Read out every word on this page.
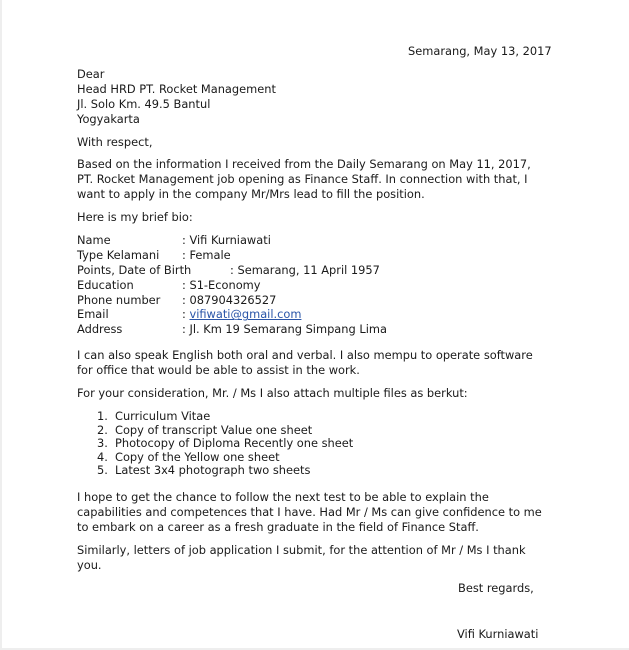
Semarang, May 13, 2017
Dear
Head HRD PT. Rocket Management
Jl. Solo Km. 49.5 Bantul
Yogyakarta
With respect,
Based on the information I received from the Daily Semarang on May 11, 2017,
PT. Rocket Management job opening as Finance Staff. In connection with that, I
want to apply in the company Mr/Mrs lead to fill the position.
Here is my brief bio:
Name	: Vifi Kurniawati
Type Kelamani : Female
Points, Date of Birth	: Semarang, 11 April 1957
Education	: S1-Economy
Phone number : 087904326527
Email	: vifiwati@gmail.com
Address	: Jl. Km 19 Semarang Simpang Lima
I can also speak English both oral and verbal. I also mempu to operate software
for office that would be able to assist in the work.
For your consideration, Mr. / Ms I also attach multiple files as berkut:
1. Curriculum Vitae
2. Copy of transcript Value one sheet
3. Photocopy of Diploma Recently one sheet
4. Copy of the Yellow one sheet
5. Latest 3x4 photograph two sheets
I hope to get the chance to follow the next test to be able to explain the
capabilities and competences that I have. Had Mr / Ms can give confidence to me
to embark on a career as a fresh graduate in the field of Finance Staff.
Similarly, letters of job application I submit, for the attention of Mr / Ms I thank
you.
Best regards,
Vifi Kurniawati
